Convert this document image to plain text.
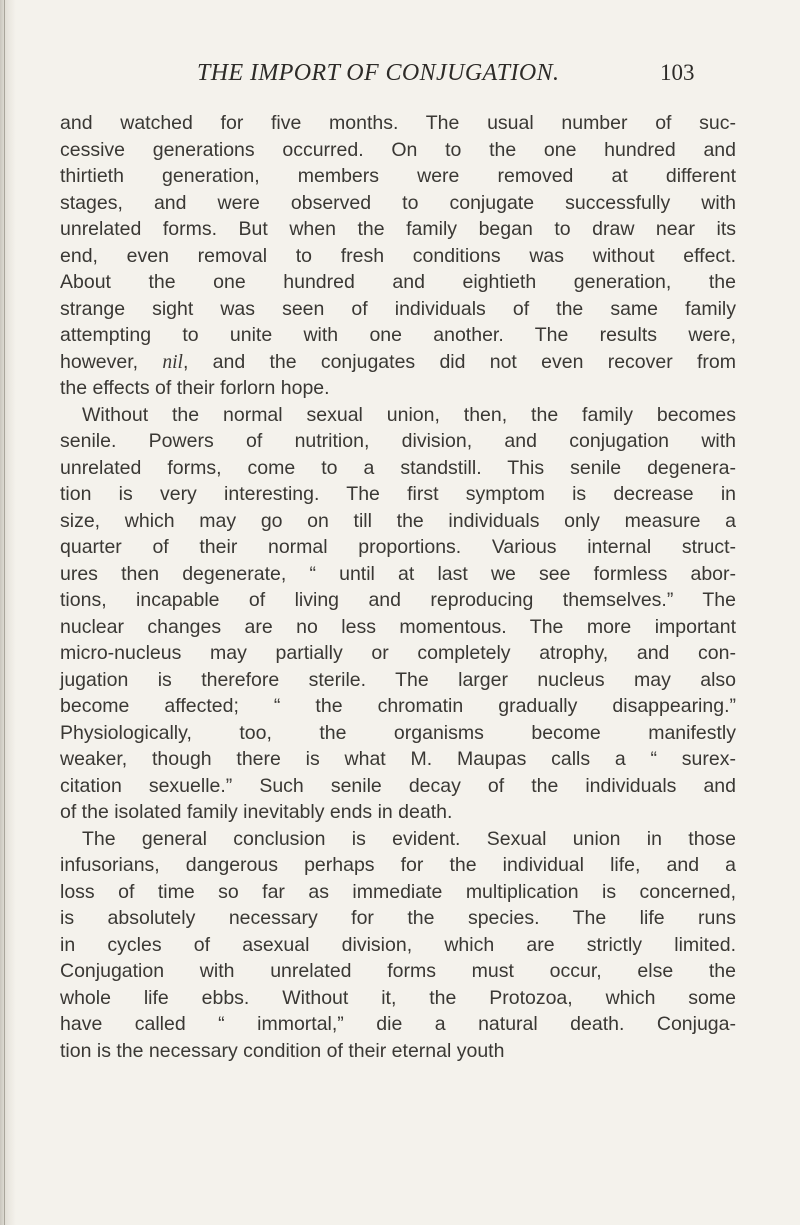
THE IMPORT OF CONJUGATION.	103
and watched for five months. The usual number of suc-
cessive generations occurred. On to the one hundred and
thirtieth generation, members were removed at different
stages, and were observed to conjugate successfully with
unrelated forms. But when the family began to draw near its
end, even removal to fresh conditions was without effect.
About the one hundred and eightieth generation, the
strange sight was seen of individuals of the same family
attempting to unite with one another. The results were,
however, nil, and the conjugates did not even recover from
the effects of their forlorn hope.
Without the normal sexual union, then, the family becomes
senile. Powers of nutrition, division, and conjugation with
unrelated forms, come to a standstill. This senile degenera-
tion is very interesting. The first symptom is decrease in
size, which may go on till the individuals only measure a
quarter of their normal proportions. Various internal struct-
ures then degenerate, “ until at last we see formless abor-
tions, incapable of living and reproducing themselves.” The
nuclear changes are no less momentous. The more important
micro-nucleus may partially or completely atrophy, and con-
jugation is therefore sterile. The larger nucleus may also
become affected; “ the chromatin gradually disappearing.”
Physiologically, too, the organisms become manifestly
weaker, though there is what M. Maupas calls a “ surex-
citation sexuelle.” Such senile decay of the individuals and
of the isolated family inevitably ends in death.
The general conclusion is evident. Sexual union in those
infusorians, dangerous perhaps for the individual life, and a
loss of time so far as immediate multiplication is concerned,
is absolutely necessary for the species. The life runs
in cycles of asexual division, which are strictly limited.
Conjugation with unrelated forms must occur, else the
whole life ebbs. Without it, the Protozoa, which some
have called “ immortal,” die a natural death. Conjuga-
tion is the necessary condition of their eternal youth
